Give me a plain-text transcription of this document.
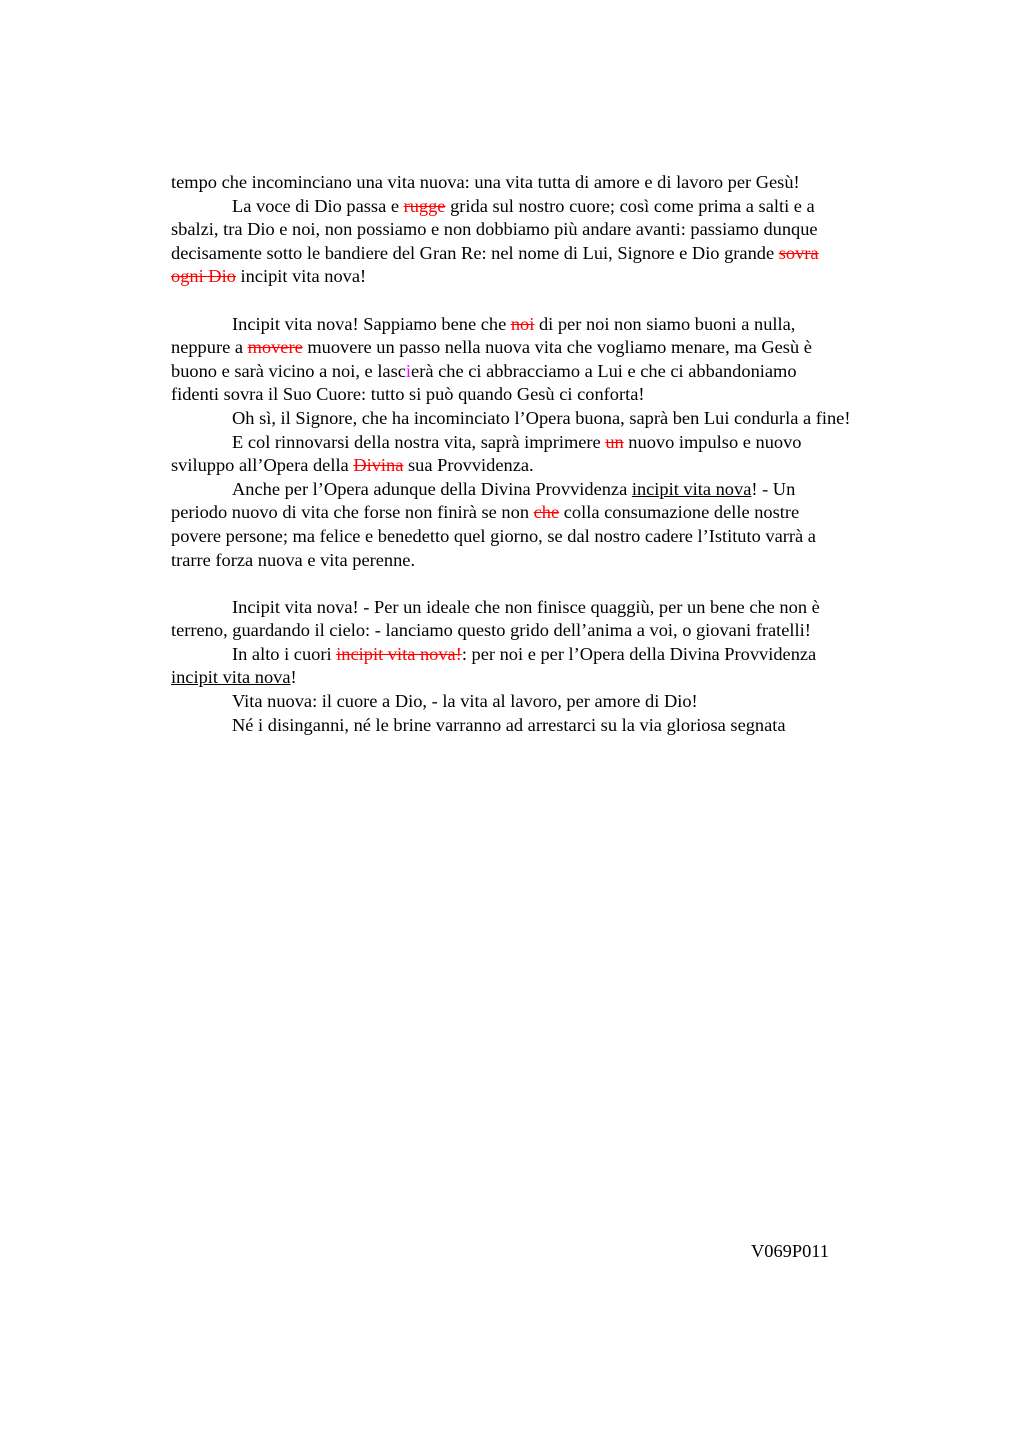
tempo che incominciano una vita nuova: una vita tutta di amore e di lavoro per Gesù!
La voce di Dio passa e rugge grida sul nostro cuore; così come prima a salti e a
sbalzi, tra Dio e noi, non possiamo e non dobbiamo più andare avanti: passiamo dunque
decisamente sotto le bandiere del Gran Re: nel nome di Lui, Signore e Dio grande sovra
ogni Dio incipit vita nova!
Incipit vita nova! Sappiamo bene che noi di per noi non siamo buoni a nulla,
neppure a movere muovere un passo nella nuova vita che vogliamo menare, ma Gesù è
buono e sarà vicino a noi, e lascierà che ci abbracciamo a Lui e che ci abbandoniamo
fidenti sovra il Suo Cuore: tutto si può quando Gesù ci conforta!
Oh sì, il Signore, che ha incominciato l’Opera buona, saprà ben Lui condurla a fine!
E col rinnovarsi della nostra vita, saprà imprimere un nuovo impulso e nuovo
sviluppo all’Opera della Divina sua Provvidenza.
Anche per l’Opera adunque della Divina Provvidenza incipit vita nova! - Un
periodo nuovo di vita che forse non finirà se non che colla consumazione delle nostre
povere persone; ma felice e benedetto quel giorno, se dal nostro cadere l’Istituto varrà a
trarre forza nuova e vita perenne.
Incipit vita nova! - Per un ideale che non finisce quaggiù, per un bene che non è
terreno, guardando il cielo: - lanciamo questo grido dell’anima a voi, o giovani fratelli!
In alto i cuori incipit vita nova!: per noi e per l’Opera della Divina Provvidenza
incipit vita nova!
Vita nuova: il cuore a Dio, - la vita al lavoro, per amore di Dio!
Né i disinganni, né le brine varranno ad arrestarci su la via gloriosa segnata
V069P011
